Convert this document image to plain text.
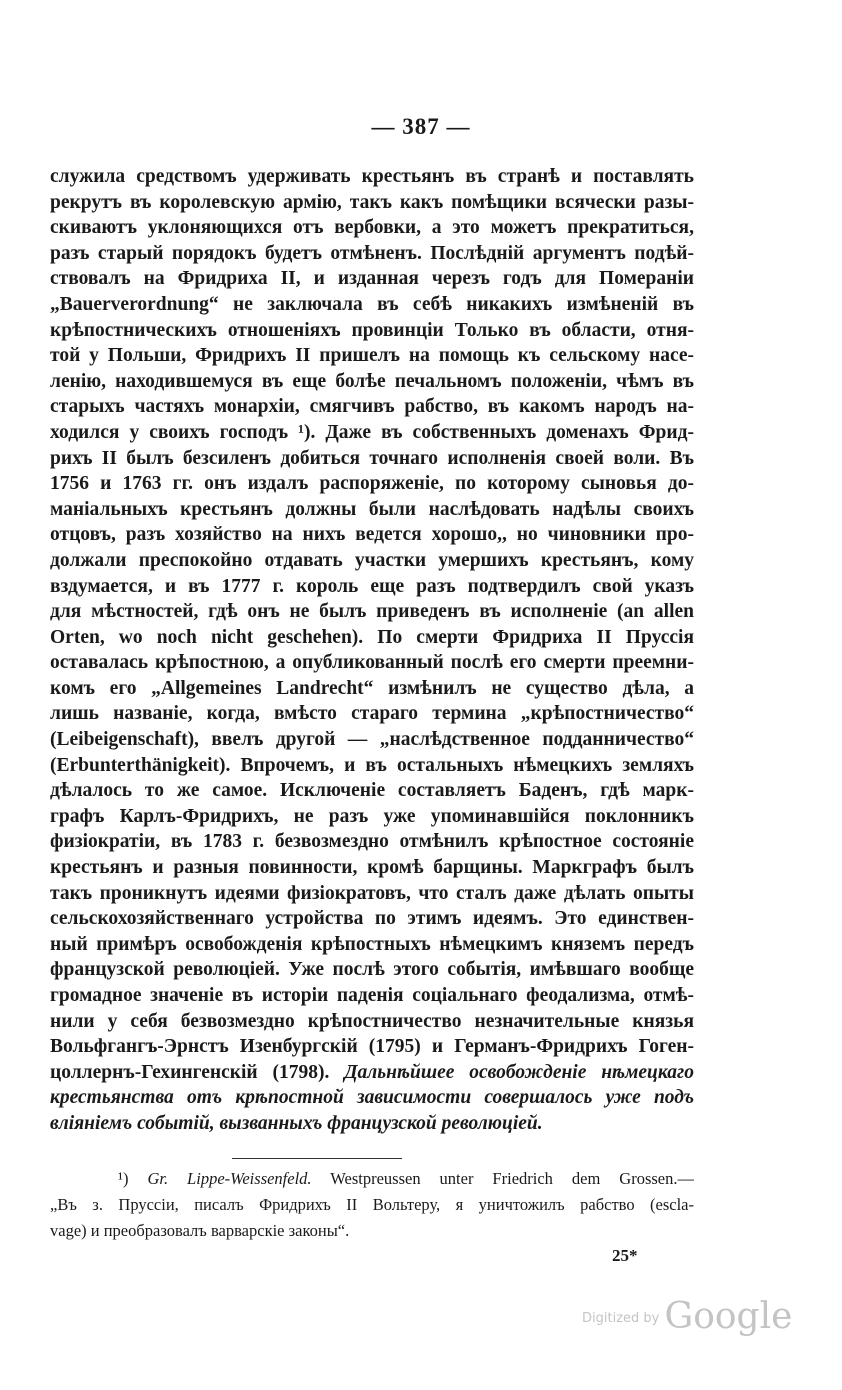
— 387 —
служила средствомъ удерживать крестьянъ въ странѣ и поставлять
рекрутъ въ королевскую армію, такъ какъ помѣщики всячески разы-
скиваютъ уклоняющихся отъ вербовки, а это можетъ прекратиться,
разъ старый порядокъ будетъ отмѣненъ. Послѣдній аргументъ подѣй-
ствовалъ на Фридриха II, и изданная черезъ годъ для Помераніи
„Bauerverordnung“ не заключала въ себѣ никакихъ измѣненій въ
крѣпостническихъ отношеніяхъ провинціи Только въ области, отня-
той у Польши, Фридрихъ II пришелъ на помощь къ сельскому насе-
ленію, находившемуся въ еще болѣе печальномъ положеніи, чѣмъ въ
старыхъ частяхъ монархіи, смягчивъ рабство, въ какомъ народъ на-
ходился у своихъ господъ ¹). Даже въ собственныхъ доменахъ Фрид-
рихъ II былъ безсиленъ добиться точнаго исполненія своей воли. Въ
1756 и 1763 гг. онъ издалъ распоряженіе, по которому сыновья до-
маніальныхъ крестьянъ должны были наслѣдовать надѣлы своихъ
отцовъ, разъ хозяйство на нихъ ведется хорошо,, но чиновники про-
должали преспокойно отдавать участки умершихъ крестьянъ, кому
вздумается, и въ 1777 г. король еще разъ подтвердилъ свой указъ
для мѣстностей, гдѣ онъ не былъ приведенъ въ исполненіе (an allen
Orten, wo noch nicht geschehen). По смерти Фридриха II Пруссія
оставалась крѣпостною, а опубликованный послѣ его смерти преемни-
комъ его „Allgemeines Landrecht“ измѣнилъ не существо дѣла, а
лишь названіе, когда, вмѣсто стараго термина „крѣпостничество“
(Leibeigenschaft), ввелъ другой — „наслѣдственное подданничество“
(Erbunterthänigkeit). Впрочемъ, и въ остальныхъ нѣмецкихъ земляхъ
дѣлалось то же самое. Исключеніе составляетъ Баденъ, гдѣ марк-
графъ Карлъ-Фридрихъ, не разъ уже упоминавшійся поклонникъ
физіократіи, въ 1783 г. безвозмездно отмѣнилъ крѣпостное состояніе
крестьянъ и разныя повинности, кромѣ барщины. Маркграфъ былъ
такъ проникнутъ идеями физіократовъ, что сталъ даже дѣлать опыты
сельскохозяйственнаго устройства по этимъ идеямъ. Это единствен-
ный примѣръ освобожденія крѣпостныхъ нѣмецкимъ княземъ передъ
французской революціей. Уже послѣ этого событія, имѣвшаго вообще
громадное значеніе въ исторіи паденія соціальнаго феодализма, отмѣ-
нили у себя безвозмездно крѣпостничество незначительные князья
Вольфгангъ-Эрнстъ Изенбургскій (1795) и Германъ-Фридрихъ Гоген-
цоллернъ-Гехингенскій (1798). Дальнѣйшее освобожденіе нѣмецкаго
крестьянства отъ крѣпостной зависимости совершалось уже подъ
вліяніемъ событій, вызванныхъ французской революціей.
¹) Gr. Lippe-Weissenfeld. Westpreussen unter Friedrich dem Grossen.—
„Въ з. Пруссіи, писалъ Фридрихъ II Вольтеру, я уничтожилъ рабство (escla-
vage) и преобразовалъ варварскіе законы“.
25*
$^{Digitized by}$ Google
